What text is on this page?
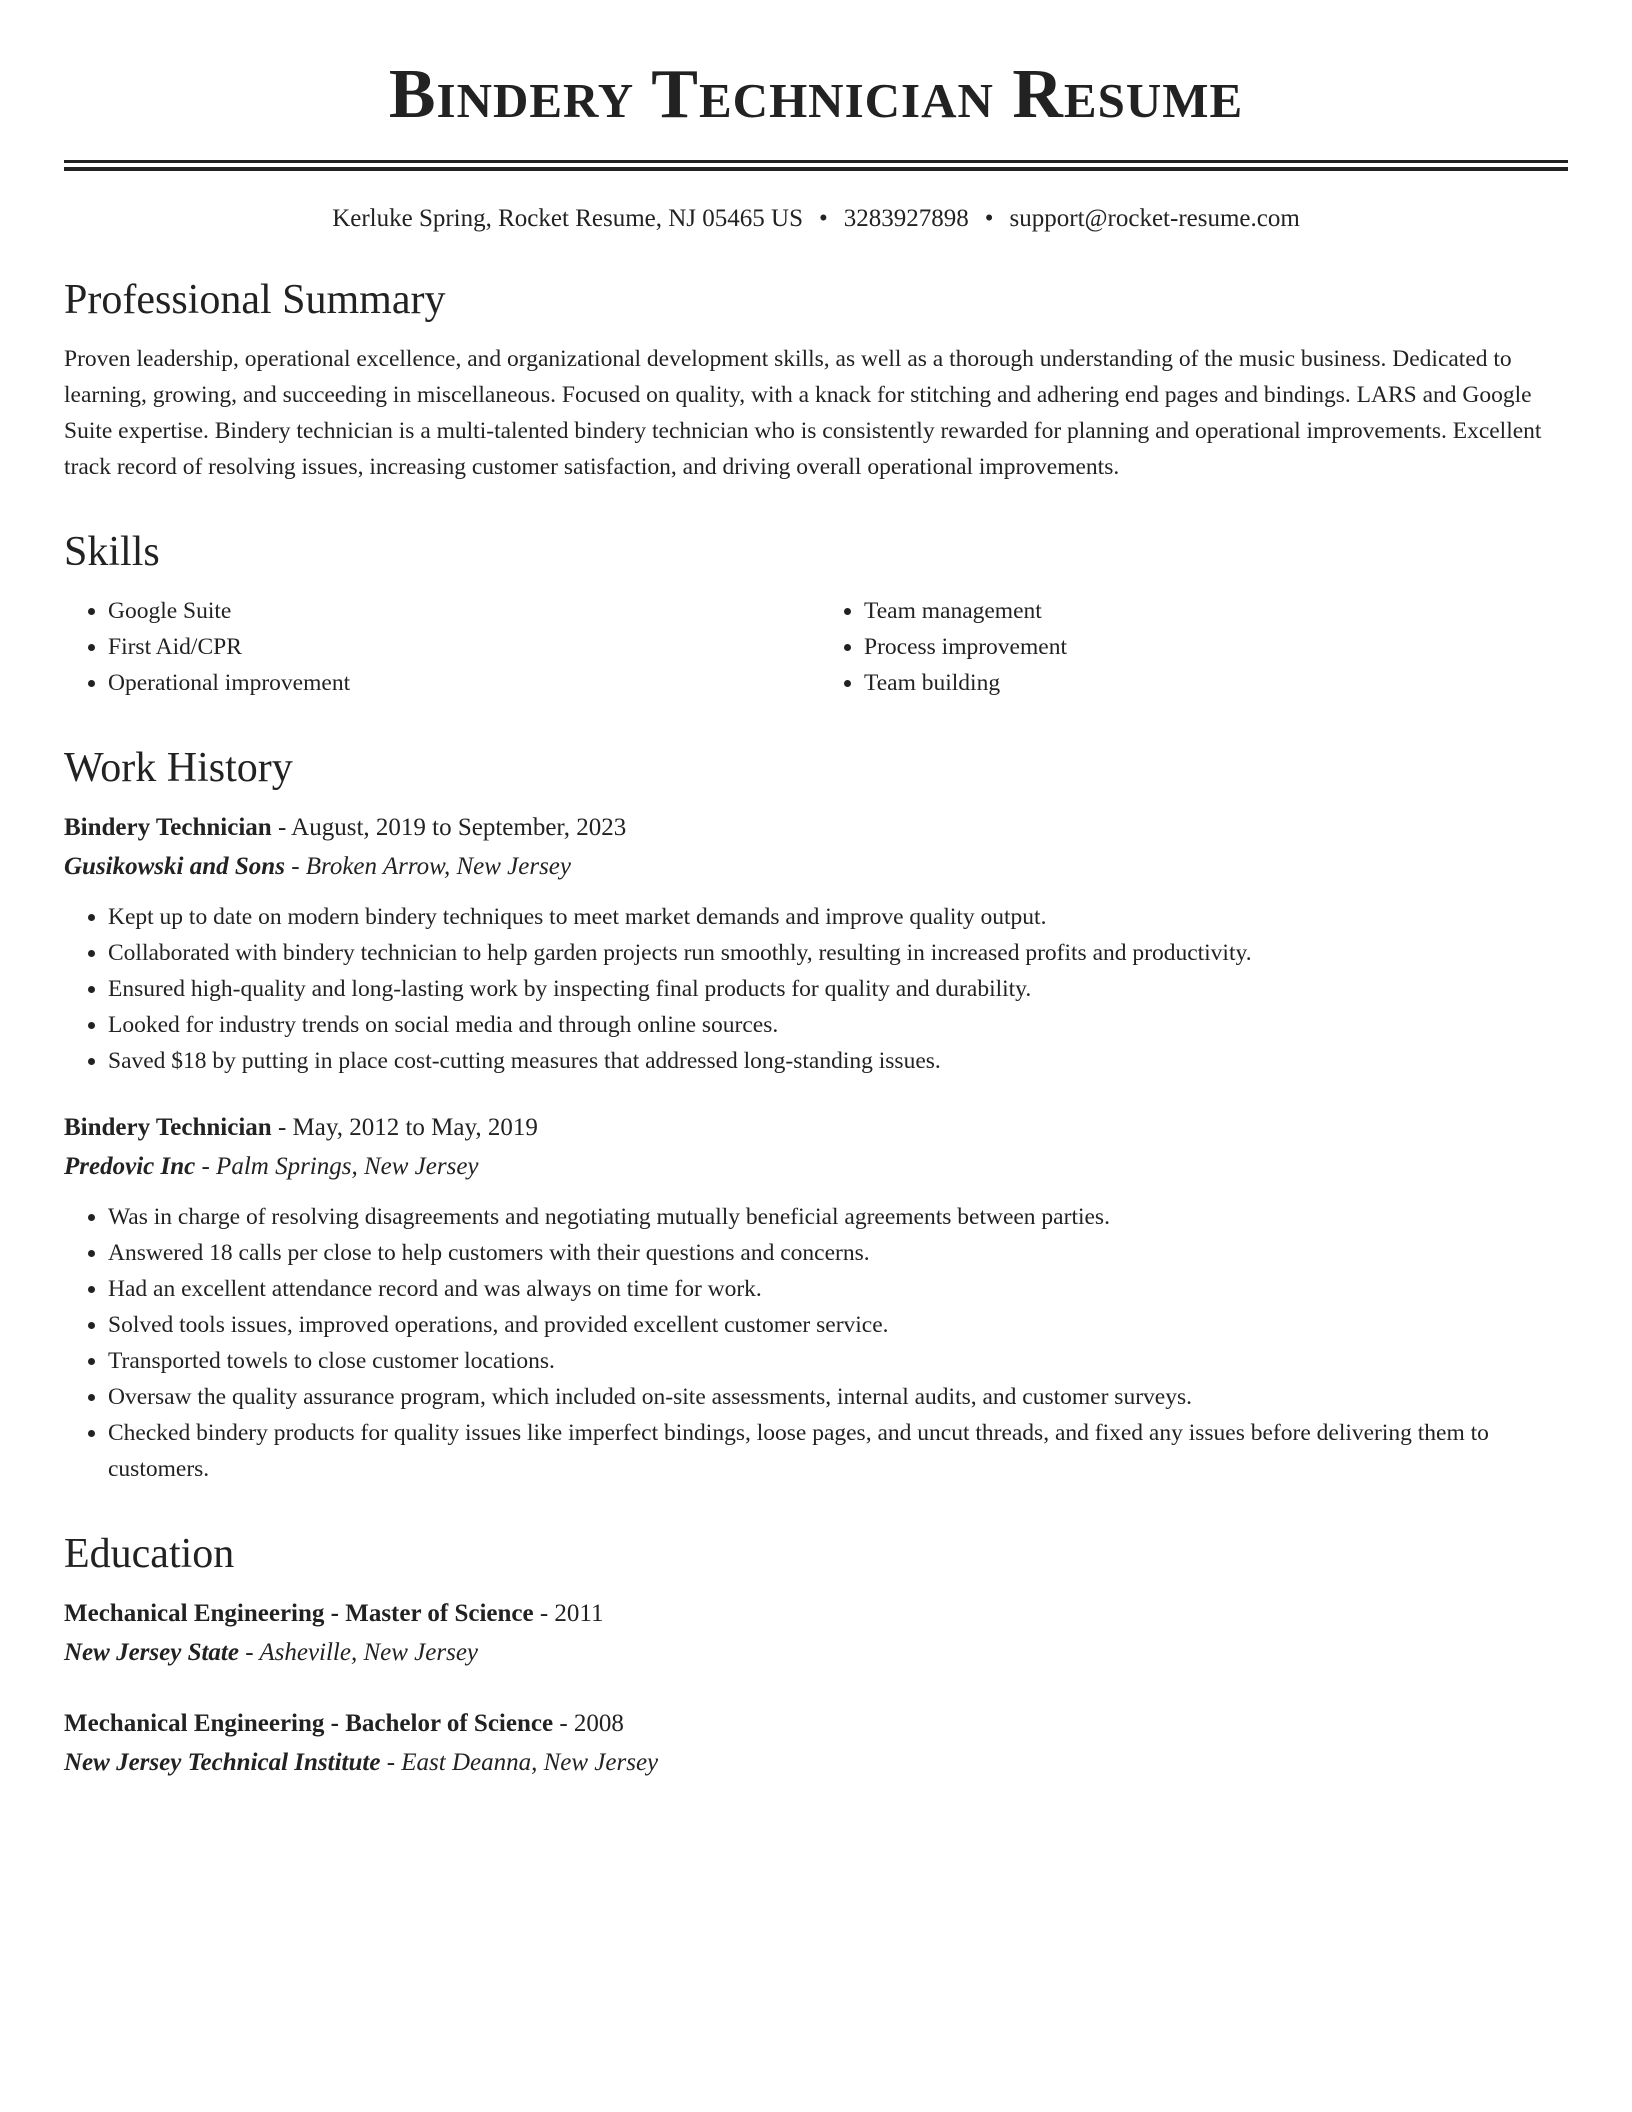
Bindery Technician Resume
Kerluke Spring, Rocket Resume, NJ 05465 US • 3283927898 • support@rocket-resume.com
Professional Summary

Proven leadership, operational excellence, and organizational development skills, as well as a thorough understanding of the music business. Dedicated to learning, growing, and succeeding in miscellaneous. Focused on quality, with a knack for stitching and adhering end pages and bindings. LARS and Google Suite expertise. Bindery technician is a multi-talented bindery technician who is consistently rewarded for planning and operational improvements. Excellent track record of resolving issues, increasing customer satisfaction, and driving overall operational improvements.

Skills
• Google Suite
• First Aid/CPR
• Operational improvement
• Team management
• Process improvement
• Team building
Work History
Bindery Technician - August, 2019 to September, 2023
Gusikowski and Sons - Broken Arrow, New Jersey
• Kept up to date on modern bindery techniques to meet market demands and improve quality output.
• Collaborated with bindery technician to help garden projects run smoothly, resulting in increased profits and productivity.
• Ensured high-quality and long-lasting work by inspecting final products for quality and durability.
• Looked for industry trends on social media and through online sources.
• Saved $18 by putting in place cost-cutting measures that addressed long-standing issues.
Bindery Technician - May, 2012 to May, 2019
Predovic Inc - Palm Springs, New Jersey
• Was in charge of resolving disagreements and negotiating mutually beneficial agreements between parties.
• Answered 18 calls per close to help customers with their questions and concerns.
• Had an excellent attendance record and was always on time for work.
• Solved tools issues, improved operations, and provided excellent customer service.
• Transported towels to close customer locations.
• Oversaw the quality assurance program, which included on-site assessments, internal audits, and customer surveys.
• Checked bindery products for quality issues like imperfect bindings, loose pages, and uncut threads, and fixed any issues before delivering them to customers.
Education
Mechanical Engineering - Master of Science - 2011
New Jersey State - Asheville, New Jersey
Mechanical Engineering - Bachelor of Science - 2008
New Jersey Technical Institute - East Deanna, New Jersey
